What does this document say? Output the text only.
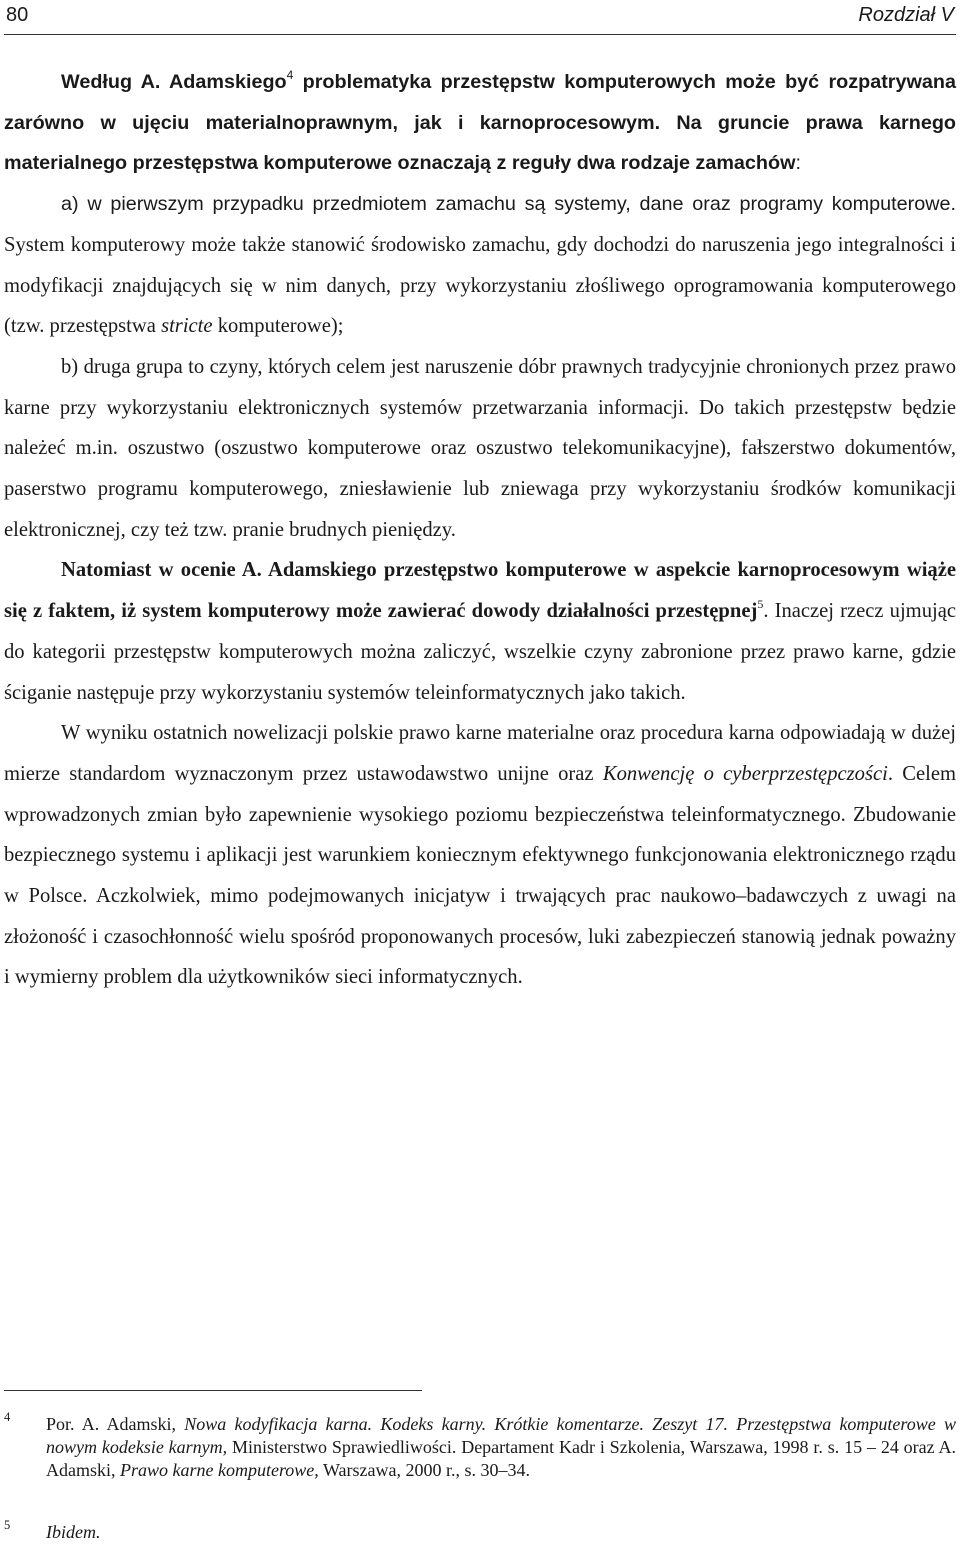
80	Rozdział V

Według A. Adamskiego$^4$ problematyka przestępstw komputerowych może być rozpatrywana zarówno w ujęciu materialnoprawnym, jak i karnoprocesowym. Na gruncie prawa karnego materialnego przestępstwa komputerowe oznaczają z reguły dwa rodzaje zamachów:

a) w pierwszym przypadku przedmiotem zamachu są systemy, dane oraz programy komputerowe. System komputerowy może także stanowić środowisko zamachu, gdy dochodzi do naruszenia jego integralności i modyfikacji znajdujących się w nim danych, przy wykorzystaniu złośliwego oprogramowania komputerowego (tzw. przestępstwa stricte komputerowe);

b) druga grupa to czyny, których celem jest naruszenie dóbr prawnych tradycyjnie chronionych przez prawo karne przy wykorzystaniu elektronicznych systemów przetwarzania informacji. Do takich przestępstw będzie należeć m.in. oszustwo (oszustwo komputerowe oraz oszustwo telekomunikacyjne), fałszerstwo dokumentów, paserstwo programu komputerowego, zniesławienie lub zniewaga przy wykorzystaniu środków komunikacji elektronicznej, czy też tzw. pranie brudnych pieniędzy.

Natomiast w ocenie A. Adamskiego przestępstwo komputerowe w aspekcie karnoprocesowym wiąże się z faktem, iż system komputerowy może zawierać dowody działalności przestępnej$^5$. Inaczej rzecz ujmując do kategorii przestępstw komputerowych można zaliczyć, wszelkie czyny zabronione przez prawo karne, gdzie ściganie następuje przy wykorzystaniu systemów teleinformatycznych jako takich.

W wyniku ostatnich nowelizacji polskie prawo karne materialne oraz procedura karna odpowiadają w dużej mierze standardom wyznaczonym przez ustawodawstwo unijne oraz Konwencję o cyberprzestępczości. Celem wprowadzonych zmian było zapewnienie wysokiego poziomu bezpieczeństwa teleinformatycznego. Zbudowanie bezpiecznego systemu i aplikacji jest warunkiem koniecznym efektywnego funkcjonowania elektronicznego rządu w Polsce. Aczkolwiek, mimo podejmowanych inicjatyw i trwających prac naukowo–badawczych z uwagi na złożoność i czasochłonność wielu spośród proponowanych procesów, luki zabezpieczeń stanowią jednak poważny i wymierny problem dla użytkowników sieci informatycznych.

4 Por. A. Adamski, Nowa kodyfikacja karna. Kodeks karny. Krótkie komentarze. Zeszyt 17. Przestępstwa komputerowe w nowym kodeksie karnym, Ministerstwo Sprawiedliwości. Departament Kadr i Szkolenia, Warszawa, 1998 r. s. 15 – 24 oraz A. Adamski, Prawo karne komputerowe, Warszawa, 2000 r., s. 30–34.
5 Ibidem.
